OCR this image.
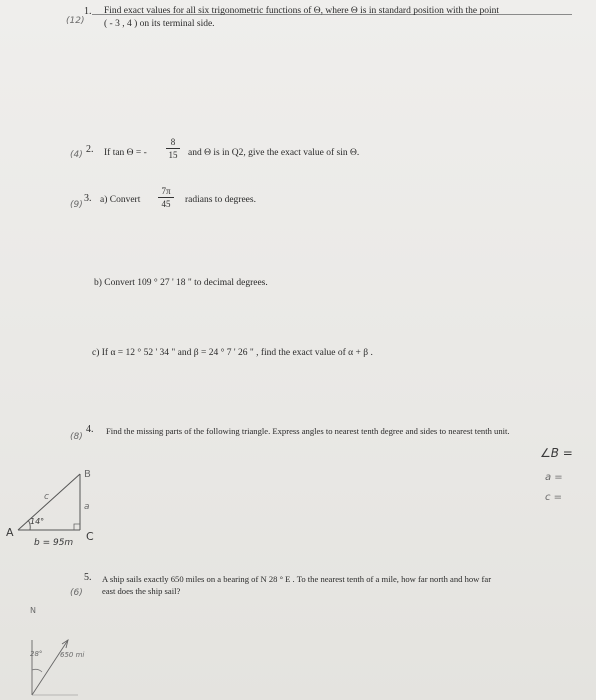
(12)
1. Find exact values for all six trigonometric functions of Θ, where Θ is in standard position with the point
( - 3 , 4 ) on its terminal side.
(4) 2. If tan Θ = -
8
15 and Θ is in Q2, give the exact value of sin Θ.
(9)
3. a) Convert
7π
45	radians to degrees.
b) Convert 109 ° 27 ' 18 " to decimal degrees.
c) If α = 12 ° 52 ' 34 " and β = 24 ° 7 ' 26 " , find the exact value of α + β .
(8)
4. Find the missing parts of the following triangle. Express angles to nearest tenth degree and sides to nearest tenth unit.
∠B =
a =
c =
A
B
C
a
c
14°
b = 95m
(6)
5. A ship sails exactly 650 miles on a bearing of N 28 ° E . To the nearest tenth of a mile, how far north and how far
east does the ship sail?
N
28°	650 mi
